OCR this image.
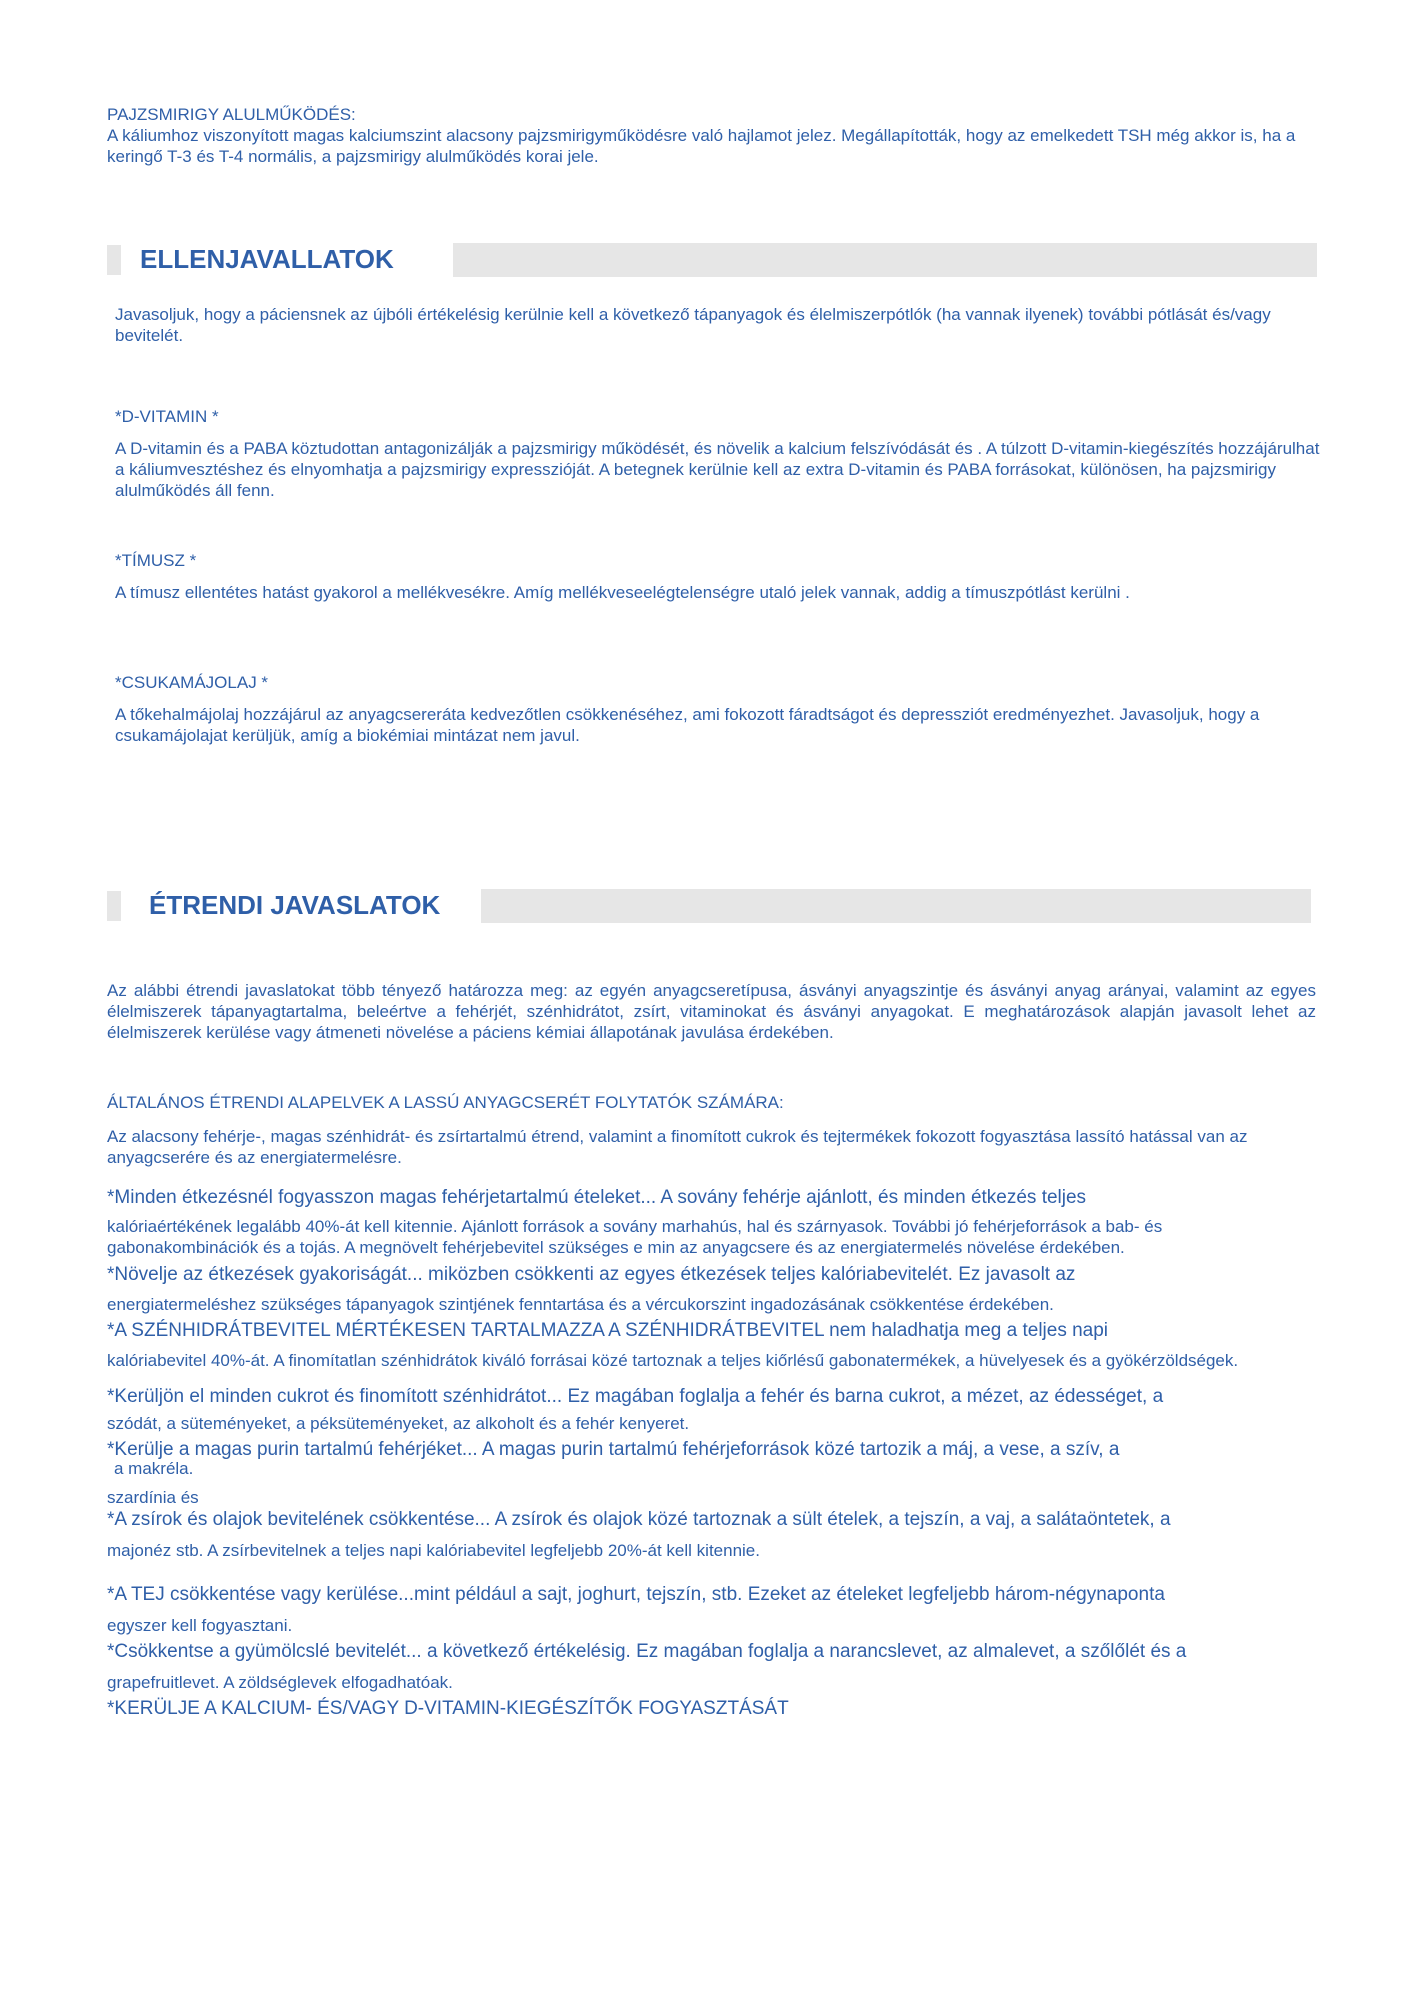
PAJZSMIRIGY ALULMŰKÖDÉS:

A káliumhoz viszonyított magas kalciumszint alacsony pajzsmirigyműködésre való hajlamot jelez. Megállapították, hogy az emelkedett TSH még akkor is, ha a keringő T-3 és T-4 normális, a pajzsmirigy alulműködés korai jele.

ELLENJAVALLATOK

Javasoljuk, hogy a páciensnek az újbóli értékelésig kerülnie kell a következő tápanyagok és élelmiszerpótlók (ha vannak ilyenek) további pótlását és/vagy bevitelét.

*D-VITAMIN *

A D-vitamin és a PABA köztudottan antagonizálják a pajzsmirigy működését, és növelik a kalcium felszívódását és . A túlzott D-vitamin-kiegészítés hozzájárulhat a káliumvesztéshez és elnyomhatja a pajzsmirigy expresszióját. A betegnek kerülnie kell az extra D-vitamin és PABA forrásokat, különösen, ha pajzsmirigy alulműködés áll fenn.

*TÍMUSZ *

A tímusz ellentétes hatást gyakorol a mellékvesékre. Amíg mellékveseelégtelenségre utaló jelek vannak, addig a tímuszpótlást kerülni .

*CSUKAMÁJOLAJ *

A tőkehalmájolaj hozzájárul az anyagcsereráta kedvezőtlen csökkenéséhez, ami fokozott fáradtságot és depressziót eredményezhet. Javasoljuk, hogy a csukamájolajat kerüljük, amíg a biokémiai mintázat nem javul.

ÉTRENDI JAVASLATOK

Az alábbi étrendi javaslatokat több tényező határozza meg: az egyén anyagcseretípusa, ásványi anyagszintje és ásványi anyag arányai, valamint az egyes élelmiszerek tápanyagtartalma, beleértve a fehérjét, szénhidrátot, zsírt, vitaminokat és ásványi anyagokat. E meghatározások alapján javasolt lehet az élelmiszerek kerülése vagy átmeneti növelése a páciens kémiai állapotának javulása érdekében.

ÁLTALÁNOS ÉTRENDI ALAPELVEK A LASSÚ ANYAGCSERÉT FOLYTATÓK SZÁMÁRA:

Az alacsony fehérje-, magas szénhidrát- és zsírtartalmú étrend, valamint a finomított cukrok és tejtermékek fokozott fogyasztása lassító hatással van az anyagcserére és az energiatermelésre.

*Minden étkezésnél fogyasszon magas fehérjetartalmú ételeket... A sovány fehérje ajánlott, és minden étkezés teljes

kalóriaértékének legalább 40%-át kell kitennie. Ajánlott források a sovány marhahús, hal és szárnyasok. További jó fehérjeforrások a bab- és gabonakombinációk és a tojás. A megnövelt fehérjebevitel szükséges e min az anyagcsere és az energiatermelés növelése érdekében.

*Növelje az étkezések gyakoriságát... miközben csökkenti az egyes étkezések teljes kalóriabevitelét. Ez javasolt az

energiatermeléshez szükséges tápanyagok szintjének fenntartása és a vércukorszint ingadozásának csökkentése érdekében.

*A SZÉNHIDRÁTBEVITEL MÉRTÉKESEN TARTALMAZZA A SZÉNHIDRÁTBEVITEL nem haladhatja meg a teljes napi

kalóriabevitel 40%-át. A finomítatlan szénhidrátok kiváló forrásai közé tartoznak a teljes kiőrlésű gabonatermékek, a hüvelyesek és a gyökérzöldségek.

*Kerüljön el minden cukrot és finomított szénhidrátot... Ez magában foglalja a fehér és barna cukrot, a mézet, az édességet, a

szódát, a süteményeket, a péksüteményeket, az alkoholt és a fehér kenyeret.

*Kerülje a magas purin tartalmú fehérjéket... A magas purin tartalmú fehérjeforrások közé tartozik a máj, a vese, a szív, a

a makréla.

szardínia és

*A zsírok és olajok bevitelének csökkentése... A zsírok és olajok közé tartoznak a sült ételek, a tejszín, a vaj, a salátaöntetek, a

majonéz stb. A zsírbevitelnek a teljes napi kalóriabevitel legfeljebb 20%-át kell kitennie.

*A TEJ csökkentése vagy kerülése...mint például a sajt, joghurt, tejszín, stb. Ezeket az ételeket legfeljebb három-négynaponta

egyszer kell fogyasztani.

*Csökkentse a gyümölcslé bevitelét... a következő értékelésig. Ez magában foglalja a narancslevet, az almalevet, a szőlőlét és a

grapefruitlevet. A zöldséglevek elfogadhatóak.

*KERÜLJE A KALCIUM- ÉS/VAGY D-VITAMIN-KIEGÉSZÍTŐK FOGYASZTÁSÁT
